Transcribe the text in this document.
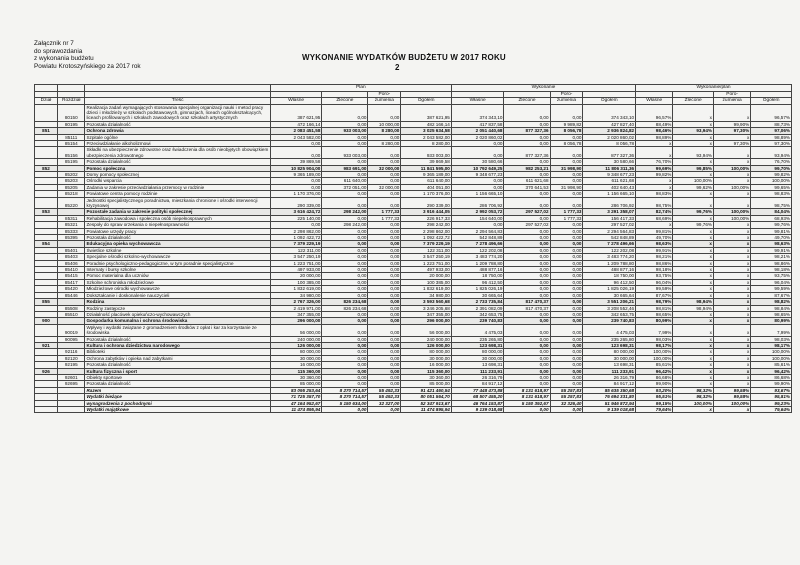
Załącznik nr 7
do sprawozdania
z wykonania budżetu
Powiatu Krotoszyńskiego za 2017 rok
WYKONANIE WYDATKÓW BUDŻETU W 2017 ROKU
2
			Plan				Wykonanie				Wykonanie/plan			
					Poro-				Poro-				Poro-	
Dział	Rozdział	Treść	Własne	Zlecone	zumienia	Ogółem	Własne	Zlecone	zumienia	Ogółem	Własne	Zlecone	zumienia	Ogółem
	80150	Realizacja zadań wymagających stosowania specjalnej organizacji nauki i metod pracy dzieci i młodzieży w szkołach podstawowych, gimnazjach, liceach ogólnokształcących, liceach profilowanych i szkołach zawodowych oraz szkołach artystycznych	387 621,95	0,00	0,00	387 621,95	374 343,10	0,00	0,00	374 343,10	96,57%	x	x	96,57%
	80195	Pozostała działalność	472 166,14	0,00	10 000,00	482 166,14	417 837,58	0,00	9 989,82	427 827,40	88,49%	x	99,90%	88,73%
851		Ochrona zdrowia	2 083 451,58	933 003,00	8 280,00	3 025 634,58	2 051 440,68	877 327,36	8 056,78	2 936 824,82	98,46%	93,94%	97,30%	97,06%
	85111	Szpitale ogólne	2 043 582,00	0,00	0,00	2 043 582,00	2 020 860,02	0,00	0,00	2 020 860,02	98,89%	x	x	98,89%
	85154	Przeciwdziałanie alkoholizmowi	0,00	0,00	8 280,00	8 280,00	0,00	0,00	8 056,78	8 056,78	x	x	97,30%	97,30%
	85156	Składki na ubezpieczenie zdrowotne oraz świadczenia dla osób nieobjętych obowiązkiem ubezpieczenia zdrowotnego	0,00	933 003,00	0,00	933 003,00	0,00	877 327,36	0,00	877 327,36	x	93,94%	x	93,94%
	85195	Pozostała działalność	39 869,58	0,00	0,00	39 869,58	30 580,66	0,00	0,00	30 580,66	76,70%	x	x	76,70%
852		Pomoc społeczna	10 825 904,00	983 691,00	32 000,00	11 841 595,00	10 792 649,25	982 253,21	31 998,90	11 806 311,36	99,69%	99,85%	100,00%	99,70%
	85202	Domy pomocy społecznej	9 365 189,00	0,00	0,00	9 365 189,00	9 348 677,23	0,00	0,00	9 348 677,23	99,82%	x	x	99,82%
	85203	Ośrodki wsparcia	0,00	611 640,00	0,00	611 640,00	0,00	611 621,68	0,00	611 621,68	x	100,00%	x	100,00%
	85205	Zadania w zakresie przeciwdziałania przemocy w rodzinie	0,00	372 051,00	32 000,00	404 051,00	0,00	370 641,53	31 998,90	402 640,43	x	99,62%	100,00%	99,65%
	85218	Powiatowe centra pomocy rodzinie	1 170 376,00	0,00	0,00	1 170 376,00	1 156 665,10	0,00	0,00	1 156 665,10	98,83%	x	x	98,83%
	85220	Jednostki specjalistycznego poradnictwa, mieszkania chronione i ośrodki interwencji kryzysowej	290 339,00	0,00	0,00	290 339,00	286 706,92	0,00	0,00	286 706,92	98,75%	x	x	98,75%
853		Pozostałe zadania w zakresie polityki społecznej	3 616 424,72	298 242,00	1 777,33	3 916 444,05	2 992 053,72	297 527,02	1 777,33	3 291 358,07	82,74%	99,76%	100,00%	84,04%
	85311	Rehabilitacja zawodowa i społeczna osób niepełnosprawnych	225 140,00	0,00	1 777,33	226 917,33	154 640,00	0,00	1 777,33	156 417,33	68,69%	x	100,00%	68,93%
	85321	Zespoły do spraw orzekania o niepełnosprawności	0,00	298 242,00	0,00	298 242,00	0,00	297 527,02	0,00	297 527,02	x	99,76%	x	99,76%
	85333	Powiatowe urzędy pracy	2 298 862,00	0,00	0,00	2 298 862,00	2 294 564,83	0,00	0,00	2 294 564,83	99,81%	x	x	99,81%
	85395	Pozostała działalność	1 092 422,72	0,00	0,00	1 092 422,72	542 848,89	0,00	0,00	542 848,89	49,70%	x	x	49,70%
854		Edukacyjna opieka wychowawcza	7 379 229,19	0,00	0,00	7 379 229,19	7 278 496,66	0,00	0,00	7 278 496,66	98,63%	x	x	98,63%
	85401	Świetlice szkolne	122 311,00	0,00	0,00	122 311,00	122 202,08	0,00	0,00	122 202,08	99,91%	x	x	99,91%
	85403	Specjalne ośrodki szkolno-wychowawcze	3 547 250,19	0,00	0,00	3 547 250,19	3 483 774,20	0,00	0,00	3 483 774,20	98,21%	x	x	98,21%
	85406	Poradnie psychologiczno-pedagogiczne, w tym poradnie specjalistyczne	1 223 751,00	0,00	0,00	1 223 751,00	1 209 788,80	0,00	0,00	1 209 788,80	98,86%	x	x	98,86%
	85410	Internaty i bursy szkolne	497 933,00	0,00	0,00	497 933,00	488 877,16	0,00	0,00	488 877,16	98,18%	x	x	98,18%
	85415	Pomoc materialna dla uczniów	20 000,00	0,00	0,00	20 000,00	18 750,00	0,00	0,00	18 750,00	93,75%	x	x	93,75%
	85417	Szkolne schroniska młodzieżowe	100 385,00	0,00	0,00	100 385,00	96 412,50	0,00	0,00	96 412,50	96,04%	x	x	96,04%
	85420	Młodzieżowe ośrodki wychowawcze	1 832 619,00	0,00	0,00	1 832 619,00	1 825 026,19	0,00	0,00	1 825 026,19	99,59%	x	x	99,59%
	85446	Dokształcanie i doskonalenie nauczycieli	34 980,00	0,00	0,00	34 980,00	30 665,64	0,00	0,00	30 665,64	87,67%	x	x	87,67%
855		Rodzina	2 767 326,00	826 234,68	0,00	3 593 560,68	2 733 735,84	817 470,37	0,00	3 551 206,21	98,79%	98,94%	x	98,82%
	85508	Rodziny zastępcze	2 419 971,00	826 234,68	0,00	3 246 205,68	2 391 082,09	817 470,37	0,00	3 208 552,46	98,81%	98,94%	x	98,84%
	85510	Działalność placówek opiekuńczo-wychowawczych	347 355,00	0,00	0,00	347 355,00	342 653,75	0,00	0,00	342 653,75	98,65%	x	x	98,65%
900		Gospodarka komunalna i ochrona środowiska	296 000,00	0,00	0,00	296 000,00	239 740,83	0,00	0,00	239 740,83	80,99%	x	x	80,99%
	90019	Wpływy i wydatki związane z gromadzeniem środków z opłat i kar za korzystanie ze środowiska	56 000,00	0,00	0,00	56 000,00	4 475,03	0,00	0,00	4 475,03	7,99%	x	x	7,99%
	90095	Pozostała działalność	240 000,00	0,00	0,00	240 000,00	235 265,80	0,00	0,00	235 265,80	98,03%	x	x	98,03%
921		Kultura i ochrona dziedzictwa narodowego	126 000,00	0,00	0,00	126 000,00	123 698,31	0,00	0,00	123 698,31	98,17%	x	x	98,17%
	92116	Biblioteki	80 000,00	0,00	0,00	80 000,00	80 000,00	0,00	0,00	80 000,00	100,00%	x	x	100,00%
	92120	Ochrona zabytków i opieka nad zabytkami	30 000,00	0,00	0,00	30 000,00	30 000,00	0,00	0,00	30 000,00	100,00%	x	x	100,00%
	92195	Pozostała działalność	16 000,00	0,00	0,00	16 000,00	13 698,31	0,00	0,00	13 698,31	85,61%	x	x	85,61%
926		Kultura fizyczna i sport	115 360,00	0,00	0,00	115 360,00	111 233,91	0,00	0,00	111 233,91	96,42%	x	x	96,42%
	92601	Obiekty sportowe	30 360,00	0,00	0,00	30 360,00	26 316,79	0,00	0,00	26 316,79	86,68%	x	x	86,68%
	92695	Pozostała działalność	85 000,00	0,00	0,00	85 000,00	84 917,12	0,00	0,00	84 917,12	99,90%	x	x	99,90%
		Razem	83 095 253,64	8 270 714,57	55 492,33	91 421 460,54	77 448 473,88	8 131 618,97	55 257,83	85 635 350,68	93,20%	98,32%	99,58%	93,67%
		Wydatki bieżące	71 725 357,70	8 270 714,57	55 492,33	80 051 564,70	68 507 455,20	8 131 618,97	55 257,83	76 694 331,80	95,51%	98,32%	99,58%	95,81%
		wynagrodzenia z pochodnymi	47 164 952,67	5 150 634,00	32 327,00	52 347 913,67	46 764 153,87	5 150 392,67	32 326,40	51 946 872,94	99,15%	100,00%	100,00%	99,23%
		Wydatki majątkowe	11 474 895,94	0,00	0,00	11 474 895,94	9 139 018,68	0,00	0,00	9 139 018,68	79,64%	x	x	79,64%
